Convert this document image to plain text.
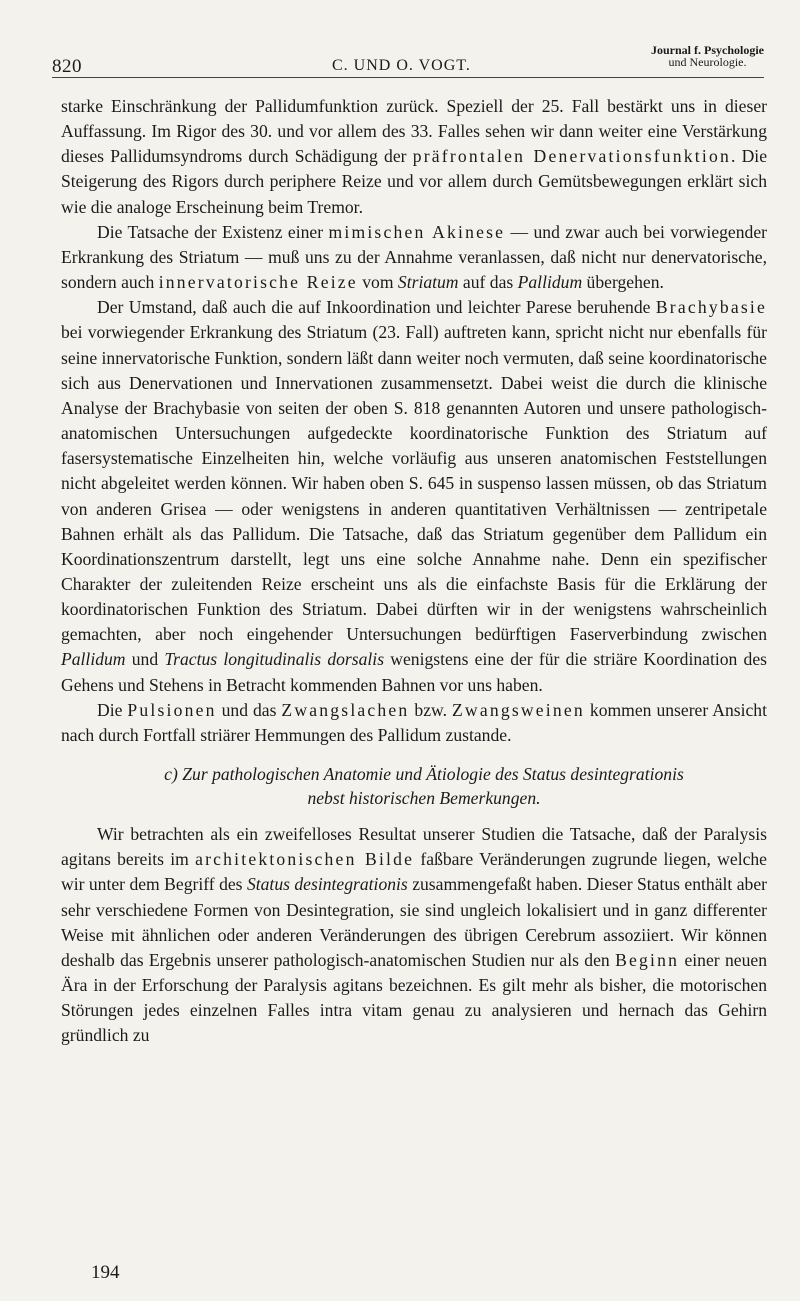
820	C. UND O. VOGT.
Journal f. Psychologie
und Neurologie.

starke Einschränkung der Pallidumfunktion zurück. Speziell der 25. Fall bestärkt uns in dieser Auffassung. Im Rigor des 30. und vor allem des 33. Falles sehen wir dann weiter eine Verstärkung dieses Pallidumsyndroms durch Schädigung der präfrontalen Denervationsfunktion. Die Steigerung des Rigors durch periphere Reize und vor allem durch Gemütsbewegungen erklärt sich wie die analoge Erscheinung beim Tremor.

Die Tatsache der Existenz einer mimischen Akinese — und zwar auch bei vorwiegender Erkrankung des Striatum — muß uns zu der Annahme veranlassen, daß nicht nur denervatorische, sondern auch innervatorische Reize vom Striatum auf das Pallidum übergehen.

Der Umstand, daß auch die auf Inkoordination und leichter Parese beruhende Brachybasie bei vorwiegender Erkrankung des Striatum (23. Fall) auftreten kann, spricht nicht nur ebenfalls für seine innervatorische Funktion, sondern läßt dann weiter noch vermuten, daß seine koordinatorische sich aus Denervationen und Innervationen zusammensetzt. Dabei weist die durch die klinische Analyse der Brachybasie von seiten der oben S. 818 genannten Autoren und unsere pathologisch-anatomischen Untersuchungen aufgedeckte koordinatorische Funktion des Striatum auf fasersystematische Einzelheiten hin, welche vorläufig aus unseren anatomischen Feststellungen nicht abgeleitet werden können. Wir haben oben S. 645 in suspenso lassen müssen, ob das Striatum von anderen Grisea — oder wenigstens in anderen quantitativen Verhältnissen — zentripetale Bahnen erhält als das Pallidum. Die Tatsache, daß das Striatum gegenüber dem Pallidum ein Koordinationszentrum darstellt, legt uns eine solche Annahme nahe. Denn ein spezifischer Charakter der zuleitenden Reize erscheint uns als die einfachste Basis für die Erklärung der koordinatorischen Funktion des Striatum. Dabei dürften wir in der wenigstens wahrscheinlich gemachten, aber noch eingehender Untersuchungen bedürftigen Faserverbindung zwischen Pallidum und Tractus longitudinalis dorsalis wenigstens eine der für die striäre Koordination des Gehens und Stehens in Betracht kommenden Bahnen vor uns haben.

Die Pulsionen und das Zwangslachen bzw. Zwangsweinen kommen unserer Ansicht nach durch Fortfall striärer Hemmungen des Pallidum zustande.

c) Zur pathologischen Anatomie und Ätiologie des Status desintegrationis
nebst historischen Bemerkungen.

Wir betrachten als ein zweifelloses Resultat unserer Studien die Tatsache, daß der Paralysis agitans bereits im architektonischen Bilde faßbare Veränderungen zugrunde liegen, welche wir unter dem Begriff des Status desintegrationis zusammengefaßt haben. Dieser Status enthält aber sehr verschiedene Formen von Desintegration, sie sind ungleich lokalisiert und in ganz differenter Weise mit ähnlichen oder anderen Veränderungen des übrigen Cerebrum assoziiert. Wir können deshalb das Ergebnis unserer pathologisch-anatomischen Studien nur als den Beginn einer neuen Ära in der Erforschung der Paralysis agitans bezeichnen. Es gilt mehr als bisher, die motorischen Störungen jedes einzelnen Falles intra vitam genau zu analysieren und hernach das Gehirn gründlich zu

194
